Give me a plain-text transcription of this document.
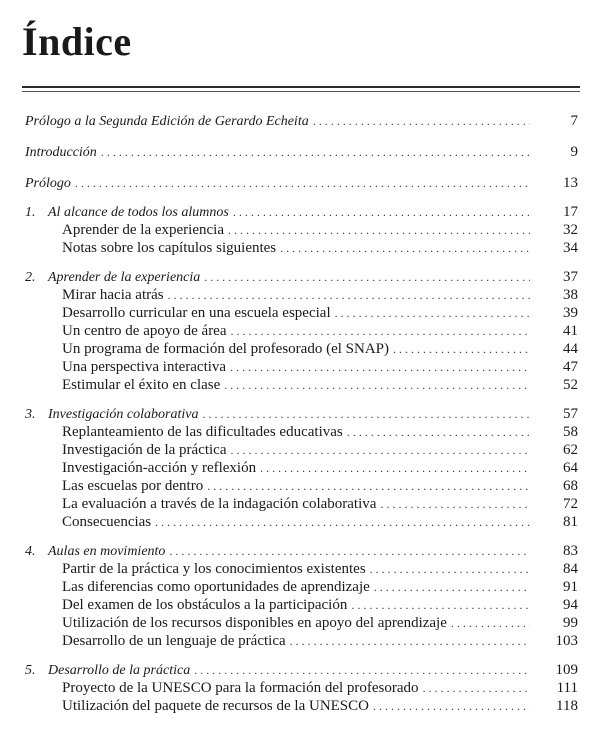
Índice
Prólogo a la Segunda Edición de Gerardo Echeita . . .	7
Introducción . . .	9
Prólogo . . .	13
1. Al alcance de todos los alumnos . . .	17
Aprender de la experiencia . . .	32
Notas sobre los capítulos siguientes . . .	34
2. Aprender de la experiencia . . .	37
Mirar hacia atrás . . .	38
Desarrollo curricular en una escuela especial . . .	39
Un centro de apoyo de área . . .	41
Un programa de formación del profesorado (el SNAP) . . .	44
Una perspectiva interactiva . . .	47
Estimular el éxito en clase . . .	52
3. Investigación colaborativa . . .	57
Replanteamiento de las dificultades educativas . . .	58
Investigación de la práctica . . .	62
Investigación-acción y reflexión . . .	64
Las escuelas por dentro . . .	68
La evaluación a través de la indagación colaborativa . . .	72
Consecuencias . . .	81
4. Aulas en movimiento . . .	83
Partir de la práctica y los conocimientos existentes . . .	84
Las diferencias como oportunidades de aprendizaje . . .	91
Del examen de los obstáculos a la participación . . .	94
Utilización de los recursos disponibles en apoyo del aprendizaje . . .	99
Desarrollo de un lenguaje de práctica . . .	103
5. Desarrollo de la práctica . . .	109
Proyecto de la UNESCO para la formación del profesorado . . .	111
Utilización del paquete de recursos de la UNESCO . . .	118
